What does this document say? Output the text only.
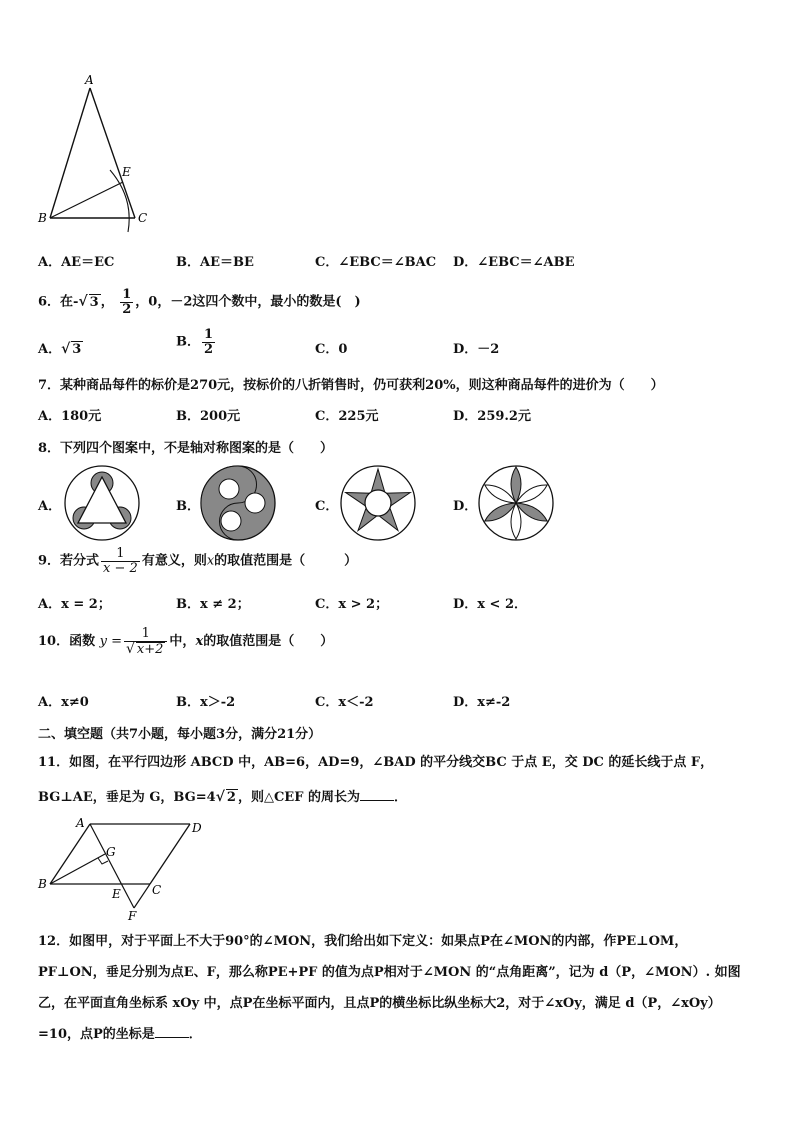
A
B	C
E
A．AE＝EC	B．AE＝BE	C．∠EBC＝∠BAC D．∠EBC＝∠ABE
6．在-√ 3 ， $\frac{1}{2}$ ，0，－2这四个数中，最小的数是(　)
A．√ 3	B． $\frac{1}{2}$	C．0	D．－2
7．某种商品每件的标价是270元，按标价的八折销售时，仍可获利20%，则这种商品每件的进价为（　　）
A．180元	B．200元	C．225元	D．259.2元
8．下列四个图案中，不是轴对称图案的是（　　）
A．	B．	C．	D．
9．若分式 $\frac{1}{x - 2}$ 有意义，则x的取值范围是（　　　）
A．x = 2；	B．x ≠ 2；	C．x > 2；	D．x < 2．
10．函数 $y = \frac{1}{√ x+2}$ 中，x的取值范围是（　　）
A．x≠0	B．x＞-2	C．x＜-2	D．x≠-2
二、填空题（共7小题，每小题3分，满分21分）
11．如图，在平行四边形 ABCD 中，AB=6，AD=9，∠BAD 的平分线交BC 于点 E，交 DC 的延长线于点 F，
BG⊥AE，垂足为 G，BG=4√ 2 ，则△CEF 的周长为	．
A
B	C
D
E
F
G
12．如图甲，对于平面上不大于90°的∠MON，我们给出如下定义：如果点P在∠MON的内部，作PE⊥OM，
PF⊥ON，垂足分别为点E、F，那么称PE+PF 的值为点P相对于∠MON 的“点角距离”，记为 d（P，∠MON）. 如图
乙，在平面直角坐标系 xOy 中，点P在坐标平面内，且点P的横坐标比纵坐标大2，对于∠xOy，满足 d（P，∠xOy）
=10，点P的坐标是	．
